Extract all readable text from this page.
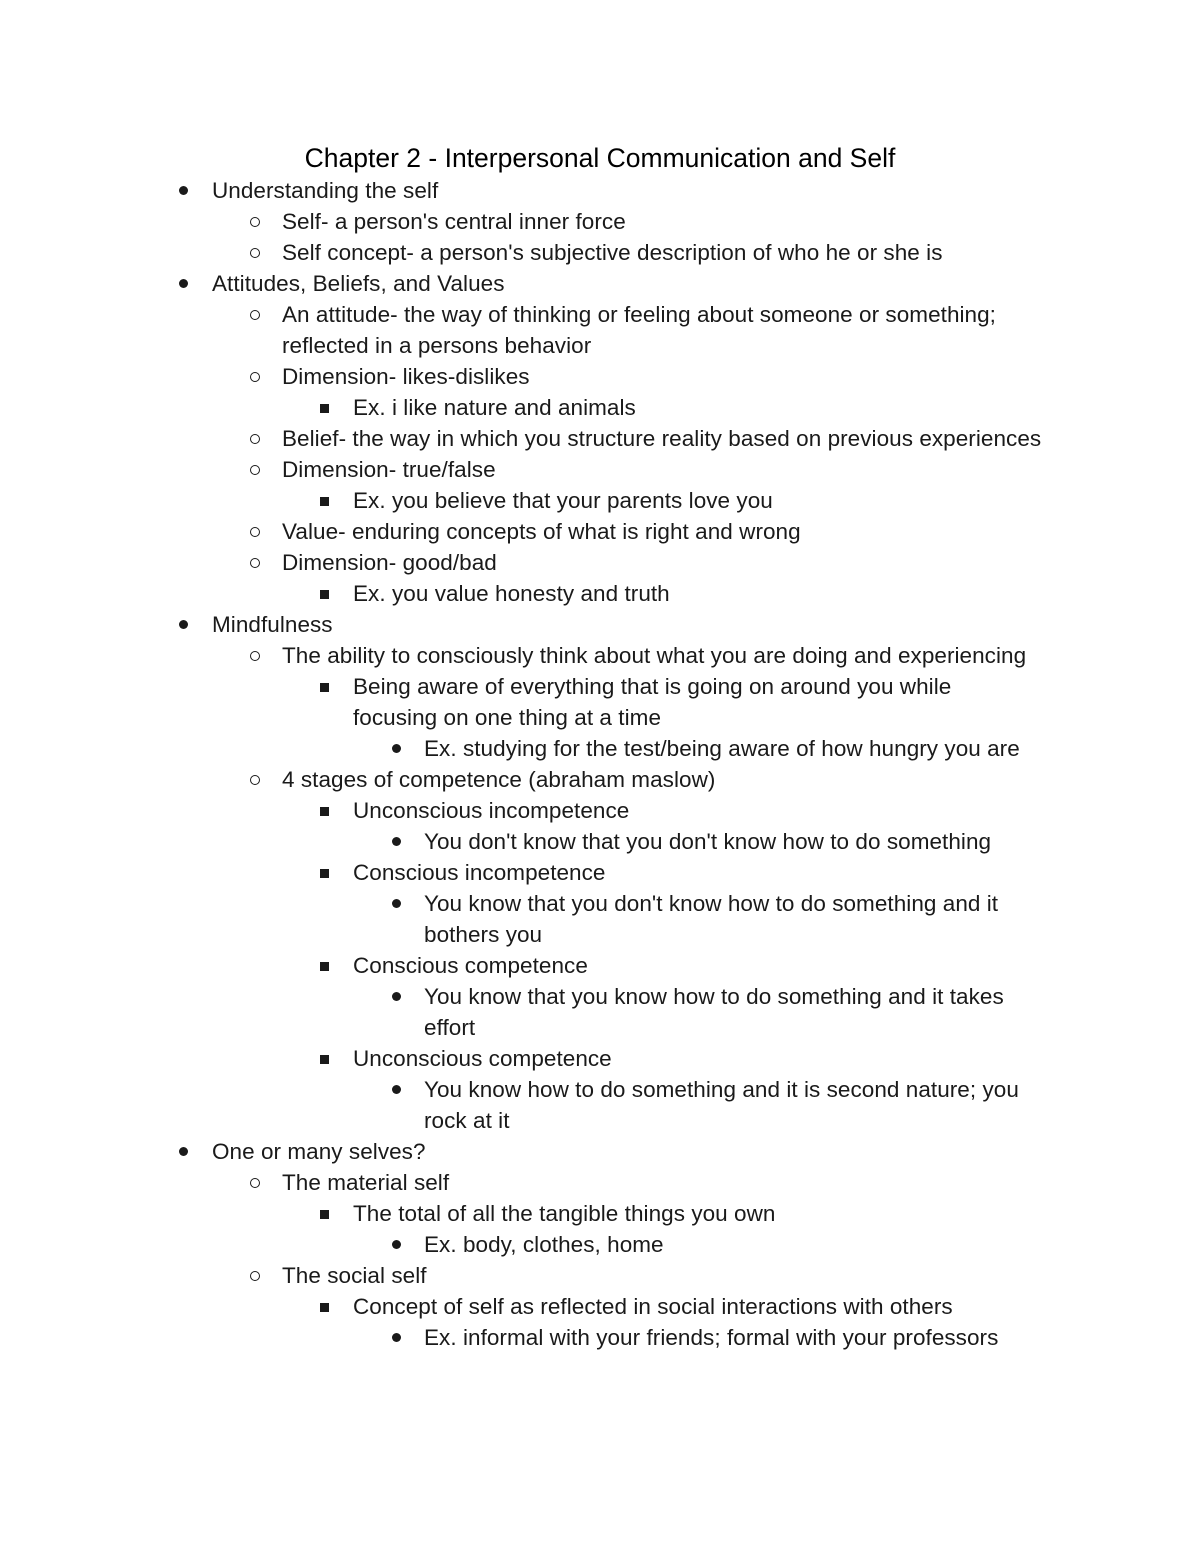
Chapter 2 - Interpersonal Communication and Self
Understanding the self
Self- a person's central inner force
Self concept- a person's subjective description of who he or she is
Attitudes, Beliefs, and Values
An attitude- the way of thinking or feeling about someone or something; reflected in a persons behavior
Dimension- likes-dislikes
Ex. i like nature and animals
Belief- the way in which you structure reality based on previous experiences
Dimension- true/false
Ex. you believe that your parents love you
Value- enduring concepts of what is right and wrong
Dimension- good/bad
Ex. you value honesty and truth
Mindfulness
The ability to consciously think about what you are doing and experiencing
Being aware of everything that is going on around you while focusing on one thing at a time
Ex. studying for the test/being aware of how hungry you are
4 stages of competence (abraham maslow)
Unconscious incompetence
You don't know that you don't know how to do something
Conscious incompetence
You know that you don't know how to do something and it bothers you
Conscious competence
You know that you know how to do something and it takes effort
Unconscious competence
You know how to do something and it is second nature; you rock at it
One or many selves?
The material self
The total of all the tangible things you own
Ex. body, clothes, home
The social self
Concept of self as reflected in social interactions with others
Ex. informal with your friends; formal with your professors
